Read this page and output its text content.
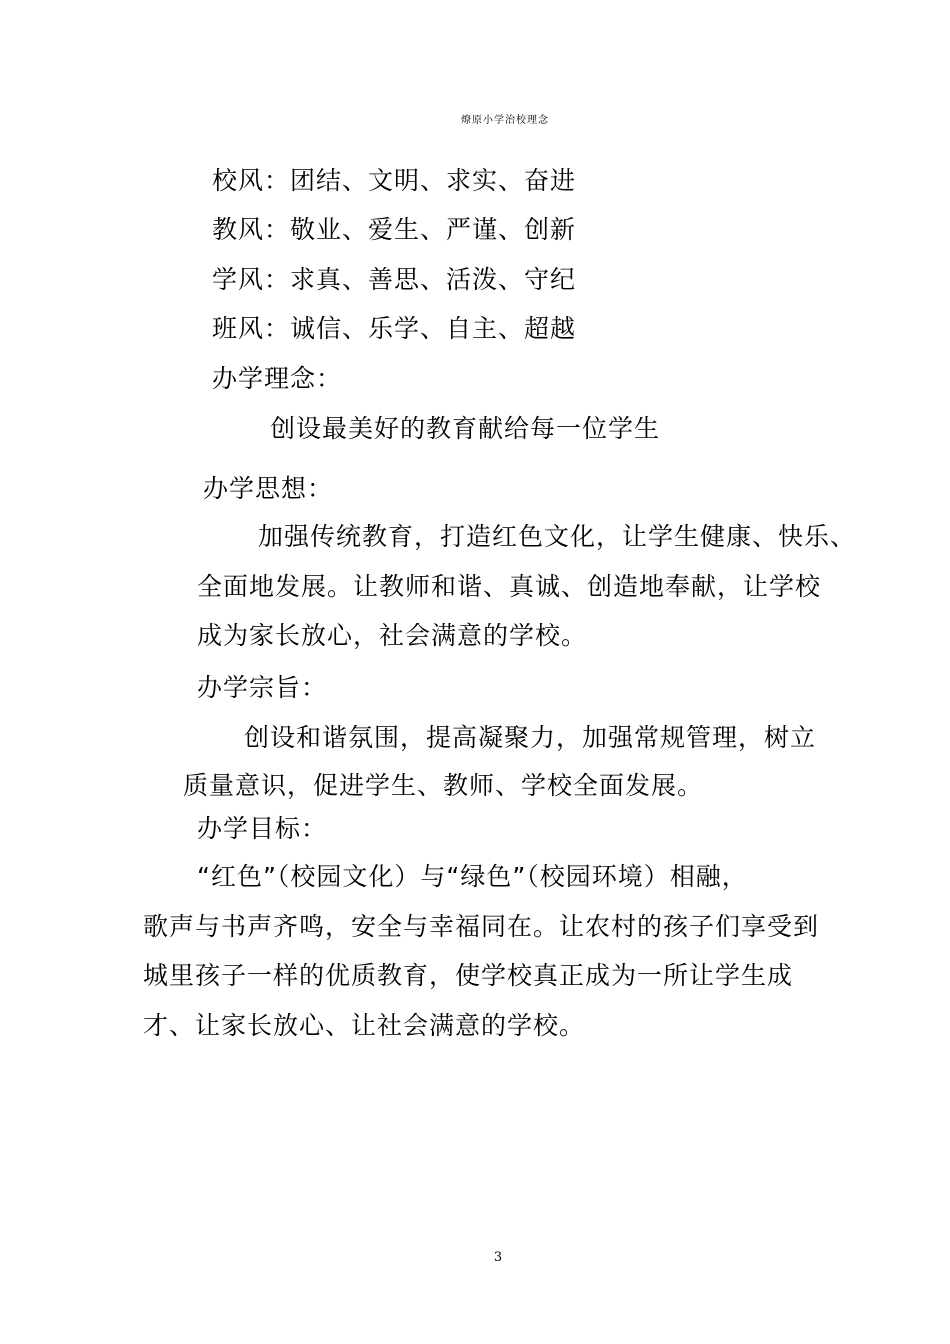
燎原小学治校理念
校风：团结、文明、求实、奋进
教风：敬业、爱生、严谨、创新
学风：求真、善思、活泼、守纪
班风：诚信、乐学、自主、超越
办学理念：
创设最美好的教育献给每一位学生
办学思想：
加强传统教育，打造红色文化，让学生健康、快乐、
全面地发展。让教师和谐、真诚、创造地奉献，让学校
成为家长放心，社会满意的学校。
办学宗旨：
创设和谐氛围，提高凝聚力，加强常规管理，树立
质量意识，促进学生、教师、学校全面发展。
办学目标：
“红色”（校园文化）与“绿色”（校园环境）相融，
歌声与书声齐鸣，安全与幸福同在。让农村的孩子们享受到
城里孩子一样的优质教育，使学校真正成为一所让学生成
才、让家长放心、让社会满意的学校。
3
